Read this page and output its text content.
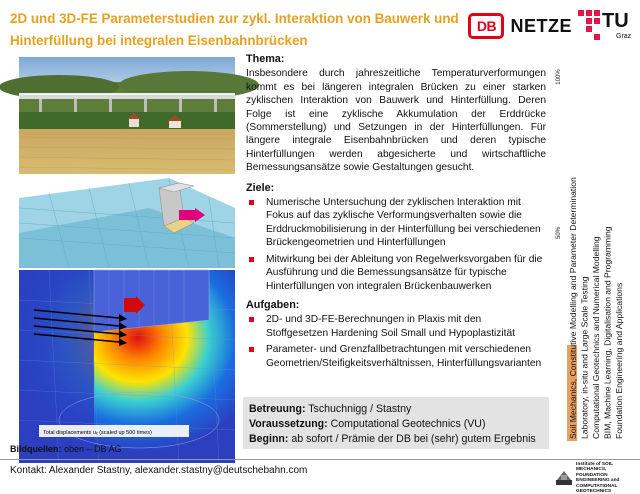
2D und 3D-FE Parameterstudien zur zykl. Interaktion von Bauwerk und Hinterfüllung bei integralen Eisenbahnbrücken
DB NETZE TU
Graz
Total displacements uₓ (scaled up 500 times)
Bildquellen: oben – DB AG
Thema:
Insbesondere durch jahreszeitliche Temperaturverformungen kommt es bei längeren integralen Brücken zu einer starken zyklischen Interaktion von Bauwerk und Hinterfüllung. Deren Folge ist eine zyklische Akkumulation der Erddrücke (Sommerstellung) und Setzungen in der Hinterfüllungen. Für längere integrale Eisenbahnbrücken und deren typische Hinterfüllungen werden abgesicherte und wirtschaftliche Bemessungsansätze sowie Gestaltungen gesucht.
Ziele:
Numerische Untersuchung der zyklischen Interaktion mit Fokus auf das zyklische Verformungsverhalten sowie die Erddruckmobilisierung in der Hinterfüllung bei verschiedenen Brückengeometrien und Hinterfüllungen
Mitwirkung bei der Ableitung von Regelwerksvorgaben für die Ausführung und die Bemessungsansätze für typische Hinterfüllungen von integralen Brückenbauwerken
Aufgaben:
2D- und 3D-FE-Berechnungen in Plaxis mit den Stoffgesetzen Hardening Soil Small und Hypoplastizität
Parameter- und Grenzfallbetrachtungen mit verschiedenen Geometrien/Steifigkeitsverhältnissen, Hinterfüllungsvarianten
Betreuung: Tschuchnigg / Stastny
Voraussetzung: Computational Geotechnics (VU)
Beginn: ab sofort / Prämie der DB bei (sehr) gutem Ergebnis
100%
50% Soil Mechanics, Constitutive Modelling and Parameter Determination Laboratory, in-situ and Large Scale Testing Computational Geotechnics and Numerical Modelling BIM, Machine Learning, Digitalisation and Programming Foundation Engineering and Applications
Kontakt: Alexander Stastny, alexander.stastny@deutschebahn.com
Institute of SOIL MECHANICS, FOUNDATION ENGINEERING and COMPUTATIONAL GEOTECHNICS
